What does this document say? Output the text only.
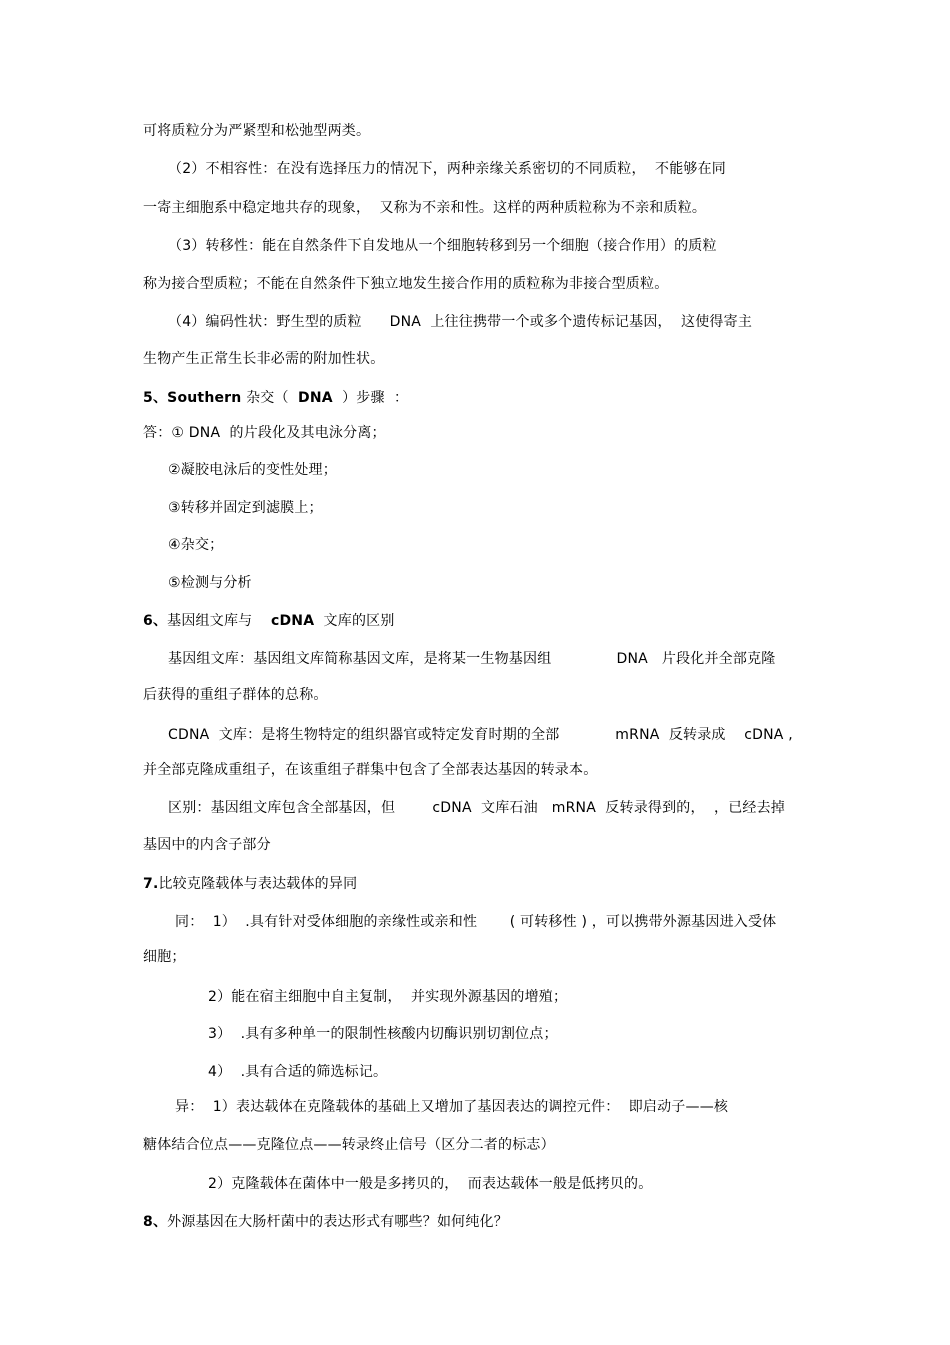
可将质粒分为严紧型和松弛型两类。
（2）不相容性：在没有选择压力的情况下，两种亲缘关系密切的不同质粒，  不能够在同
一寄主细胞系中稳定地共存的现象，  又称为不亲和性。这样的两种质粒称为不亲和质粒。
（3）转移性：能在自然条件下自发地从一个细胞转移到另一个细胞（接合作用）的质粒
称为接合型质粒；不能在自然条件下独立地发生接合作用的质粒称为非接合型质粒。
（4）编码性状：野生型的质粒      DNA  上往往携带一个或多个遗传标记基因，  这使得寄主
生物产生正常生长非必需的附加性状。
5、Southern 杂交（  DNA  ）步骤  ：
答：① DNA  的片段化及其电泳分离；
②凝胶电泳后的变性处理；
③转移并固定到滤膜上；
④杂交；
⑤检测与分析
6、基因组文库与    cDNA  文库的区别
基因组文库：基因组文库简称基因文库，是将某一生物基因组              DNA   片段化并全部克隆
后获得的重组子群体的总称。
CDNA  文库：是将生物特定的组织器官或特定发育时期的全部            mRNA  反转录成    cDNA ,
并全部克隆成重组子，在该重组子群集中包含了全部表达基因的转录本。
区别：基因组文库包含全部基因，但        cDNA  文库石油   mRNA  反转录得到的，  ，已经去掉
基因中的内含子部分
7.比较克隆载体与表达载体的异同
同：  1）  .具有针对受体细胞的亲缘性或亲和性       ( 可转移性 ) ，可以携带外源基因进入受体
细胞；
2）能在宿主细胞中自主复制，  并实现外源基因的增殖；
3）  .具有多种单一的限制性核酸内切酶识别切割位点；
4）  .具有合适的筛选标记。
异：  1）表达载体在克隆载体的基础上又增加了基因表达的调控元件：  即启动子——核
糖体结合位点——克隆位点——转录终止信号（区分二者的标志）
2）克隆载体在菌体中一般是多拷贝的，  而表达载体一般是低拷贝的。
8、外源基因在大肠杆菌中的表达形式有哪些？如何纯化？
